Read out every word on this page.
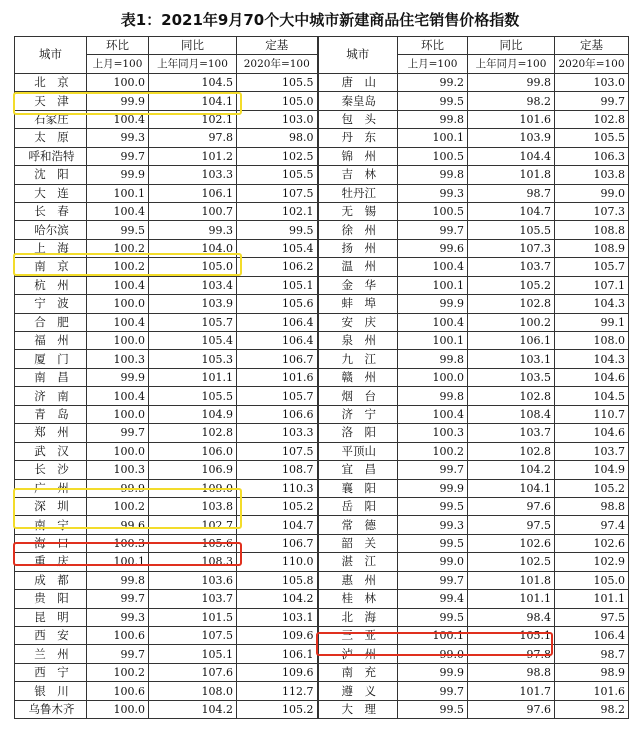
表1：2021年9月70个大中城市新建商品住宅销售价格指数
城市	环比	同比	定基	城市	环比	同比	定基
	上月=100	上年同月=100	2020年=100		上月=100	上年同月=100	2020年=100
北　京	100.0	104.5	105.5	唐　山	99.2	99.8	103.0
天　津	99.9	104.1	105.0	秦皇岛	99.5	98.2	99.7
石家庄	100.4	102.1	103.0	包　头	99.8	101.6	102.8
太　原	99.3	97.8	98.0	丹　东	100.1	103.9	105.5
呼和浩特	99.7	101.2	102.5	锦　州	100.5	104.4	106.3
沈　阳	99.9	103.3	105.5	吉　林	99.8	101.8	103.8
大　连	100.1	106.1	107.5	牡丹江	99.3	98.7	99.0
长　春	100.4	100.7	102.1	无　锡	100.5	104.7	107.3
哈尔滨	99.5	99.3	99.5	徐　州	99.7	105.5	108.8
上　海	100.2	104.0	105.4	扬　州	99.6	107.3	108.9
南　京	100.2	105.0	106.2	温　州	100.4	103.7	105.7
杭　州	100.4	103.4	105.1	金　华	100.1	105.2	107.1
宁　波	100.0	103.9	105.6	蚌　埠	99.9	102.8	104.3
合　肥	100.4	105.7	106.4	安　庆	100.4	100.2	99.1
福　州	100.0	105.4	106.4	泉　州	100.1	106.1	108.0
厦　门	100.3	105.3	106.7	九　江	99.8	103.1	104.3
南　昌	99.9	101.1	101.6	赣　州	100.0	103.5	104.6
济　南	100.4	105.5	105.7	烟　台	99.8	102.8	104.5
青　岛	100.0	104.9	106.6	济　宁	100.4	108.4	110.7
郑　州	99.7	102.8	103.3	洛　阳	100.3	103.7	104.6
武　汉	100.0	106.0	107.5	平顶山	100.2	102.8	103.7
长　沙	100.3	106.9	108.7	宜　昌	99.7	104.2	104.9
广　州	99.9	109.0	110.3	襄　阳	99.9	104.1	105.2
深　圳	100.2	103.8	105.2	岳　阳	99.5	97.6	98.8
南　宁	99.6	102.7	104.7	常　德	99.3	97.5	97.4
海　口	100.3	105.6	106.7	韶　关	99.5	102.6	102.6
重　庆	100.1	108.3	110.0	湛　江	99.0	102.5	102.9
成　都	99.8	103.6	105.8	惠　州	99.7	101.8	105.0
贵　阳	99.7	103.7	104.2	桂　林	99.4	101.1	101.1
昆　明	99.3	101.5	103.1	北　海	99.5	98.4	97.5
西　安	100.6	107.5	109.6	三　亚	100.1	105.1	106.4
兰　州	99.7	105.1	106.1	泸　州	99.0	97.8	98.7
西　宁	100.2	107.6	109.6	南　充	99.9	98.8	98.9
银　川	100.6	108.0	112.7	遵　义	99.7	101.7	101.6
乌鲁木齐	100.0	104.2	105.2	大　理	99.5	97.6	98.2
